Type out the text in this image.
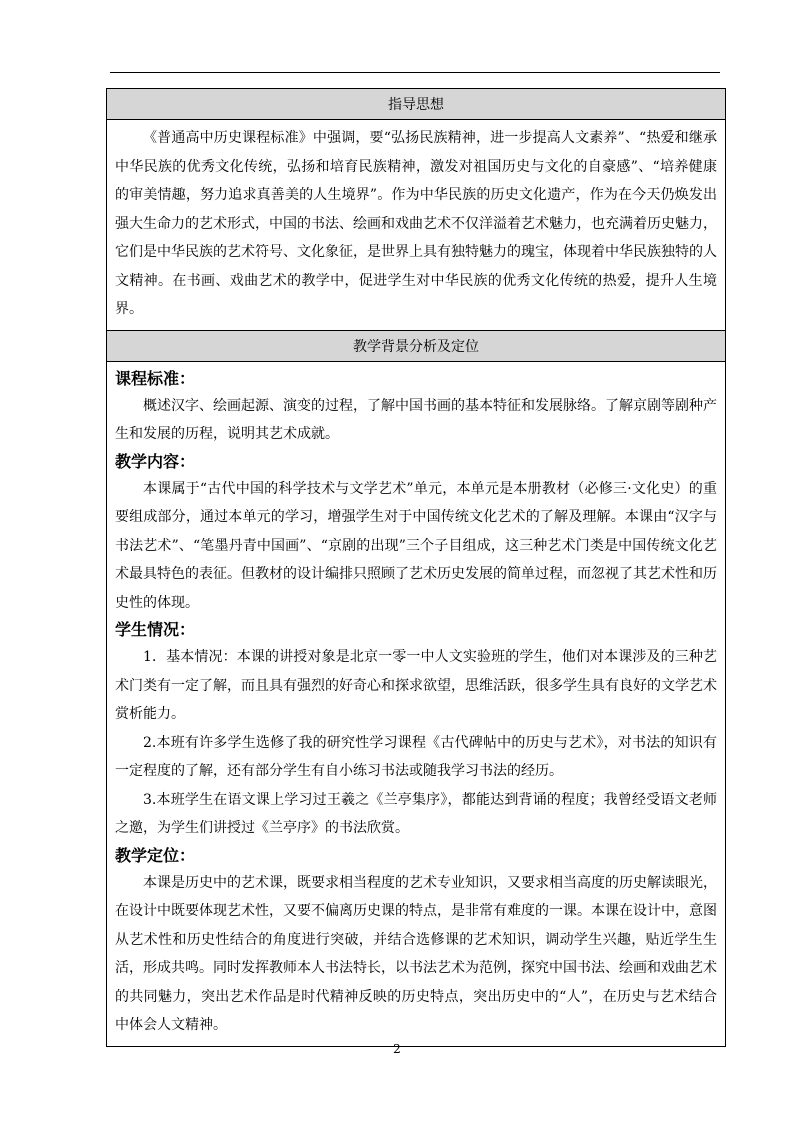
指导思想

《普通高中历史课程标准》中强调，要“弘扬民族精神，进一步提高人文素养”、“热爱和继承中华民族的优秀文化传统，弘扬和培育民族精神，激发对祖国历史与文化的自豪感”、“培养健康的审美情趣，努力追求真善美的人生境界”。作为中华民族的历史文化遗产，作为在今天仍焕发出强大生命力的艺术形式，中国的书法、绘画和戏曲艺术不仅洋溢着艺术魅力，也充满着历史魅力，它们是中华民族的艺术符号、文化象征，是世界上具有独特魅力的瑰宝，体现着中华民族独特的人文精神。在书画、戏曲艺术的教学中，促进学生对中华民族的优秀文化传统的热爱，提升人生境界。

教学背景分析及定位

课程标准：

概述汉字、绘画起源、演变的过程，了解中国书画的基本特征和发展脉络。了解京剧等剧种产生和发展的历程，说明其艺术成就。

教学内容：

本课属于“古代中国的科学技术与文学艺术”单元，本单元是本册教材（必修三·文化史）的重要组成部分，通过本单元的学习，增强学生对于中国传统文化艺术的了解及理解。本课由“汉字与书法艺术”、“笔墨丹青中国画”、“京剧的出现”三个子目组成，这三种艺术门类是中国传统文化艺术最具特色的表征。但教材的设计编排只照顾了艺术历史发展的简单过程，而忽视了其艺术性和历史性的体现。

学生情况：

1．基本情况：本课的讲授对象是北京一零一中人文实验班的学生，他们对本课涉及的三种艺术门类有一定了解，而且具有强烈的好奇心和探求欲望，思维活跃，很多学生具有良好的文学艺术赏析能力。

2.本班有许多学生选修了我的研究性学习课程《古代碑帖中的历史与艺术》，对书法的知识有一定程度的了解，还有部分学生有自小练习书法或随我学习书法的经历。

3.本班学生在语文课上学习过王羲之《兰亭集序》，都能达到背诵的程度；我曾经受语文老师之邀，为学生们讲授过《兰亭序》的书法欣赏。

教学定位：

本课是历史中的艺术课，既要求相当程度的艺术专业知识，又要求相当高度的历史解读眼光，在设计中既要体现艺术性，又要不偏离历史课的特点，是非常有难度的一课。本课在设计中，意图从艺术性和历史性结合的角度进行突破，并结合选修课的艺术知识，调动学生兴趣，贴近学生生活，形成共鸣。同时发挥教师本人书法特长，以书法艺术为范例，探究中国书法、绘画和戏曲艺术的共同魅力，突出艺术作品是时代精神反映的历史特点，突出历史中的“人”，在历史与艺术结合中体会人文精神。

2
